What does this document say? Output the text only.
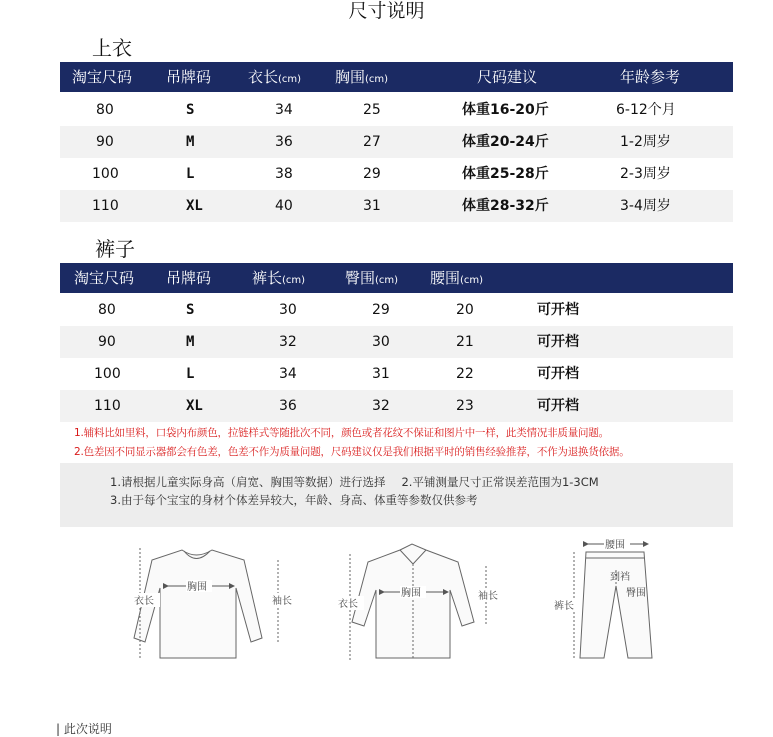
尺寸说明
上衣
淘宝尺码 吊牌码 衣长(cm) 胸围(cm)	尺码建议	年龄参考
80	S	34	25	体重16-20斤	6-12个月
90	M	36	27	体重20-24斤	1-2周岁
100	L	38	29	体重25-28斤	2-3周岁
110	XL	40	31	体重28-32斤	3-4周岁
裤子
淘宝尺码 吊牌码	裤长(cm)	臀围(cm) 腰围(cm)
80	S	30	29	20	可开档
90	M	32	30	21	可开档
100	L	34	31	22	可开档
110	XL	36	32	23	可开档
1.辅料比如里料，口袋内布颜色，拉链样式等随批次不同，颜色或者花纹不保证和图片中一样，此类情况非质量问题。
2.色差因不同显示器都会有色差，色差不作为质量问题，尺码建议仅是我们根据平时的销售经验推荐，不作为退换货依据。
1.请根据儿童实际身高（肩宽、胸围等数据）进行选择 2.平铺测量尺寸正常误差范围为1-3CM
3.由于每个宝宝的身材个体差异较大，年龄、身高、体重等参数仅供参考
衣长
胸围
袖长	衣长
胸围	袖长
腰围
到裆
臀围
裤长
| 此次说明
